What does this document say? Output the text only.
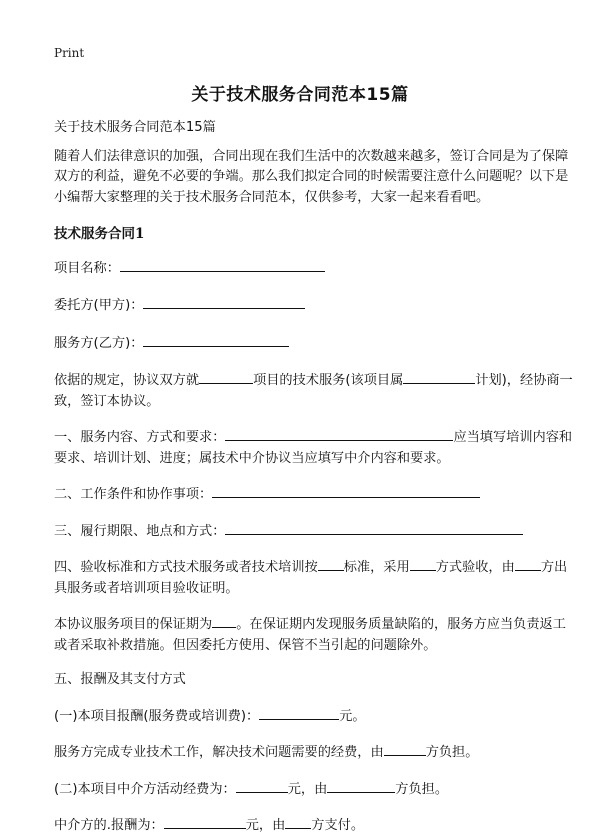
Print
关于技术服务合同范本15篇

关于技术服务合同范本15篇

随着人们法律意识的加强，合同出现在我们生活中的次数越来越多，签订合同是为了保障双方的利益，避免不必要的争端。那么我们拟定合同的时候需要注意什么问题呢？以下是小编帮大家整理的关于技术服务合同范本，仅供参考，大家一起来看看吧。

技术服务合同1

项目名称：

委托方(甲方)：

服务方(乙方)：

依据的规定，协议双方就	项目的技术服务(该项目属	计划)，经协商一致，签订本协议。

一、服务内容、方式和要求：	应当填写培训内容和要求、培训计划、进度；属技术中介协议当应填写中介内容和要求。

二、工作条件和协作事项：

三、履行期限、地点和方式：

四、验收标准和方式技术服务或者技术培训按 标准，采用 方式验收，由 方出具服务或者培训项目验收证明。

本协议服务项目的保证期为 。在保证期内发现服务质量缺陷的，服务方应当负责返工或者采取补救措施。但因委托方使用、保管不当引起的问题除外。

五、报酬及其支付方式

(一)本项目报酬(服务费或培训费)：	元。

服务方完成专业技术工作，解决技术问题需要的经费，由	方负担。

(二)本项目中介方活动经费为：	元，由	方负担。

中介方的.报酬为：	元，由 方支付。
